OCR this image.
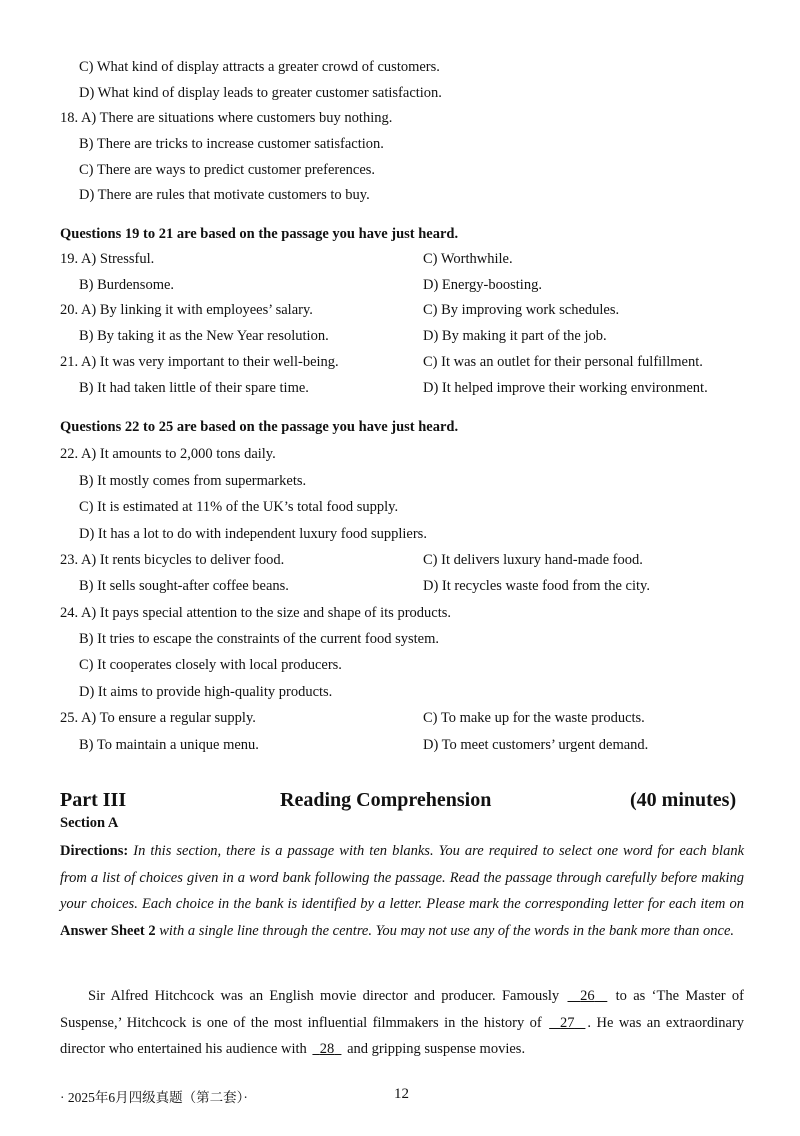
C) What kind of display attracts a greater crowd of customers.
D) What kind of display leads to greater customer satisfaction.
18. A) There are situations where customers buy nothing.
B) There are tricks to increase customer satisfaction.
C) There are ways to predict customer preferences.
D) There are rules that motivate customers to buy.
Questions 19 to 21 are based on the passage you have just heard.
19. A) Stressful.	C) Worthwhile.
B) Burdensome.	D) Energy-boosting.
20. A) By linking it with employees’ salary.	C) By improving work schedules.
B) By taking it as the New Year resolution.	D) By making it part of the job.
21. A) It was very important to their well-being.	C) It was an outlet for their personal fulfillment.
B) It had taken little of their spare time.	D) It helped improve their working environment.
Questions 22 to 25 are based on the passage you have just heard.
22. A) It amounts to 2,000 tons daily.
B) It mostly comes from supermarkets.
C) It is estimated at 11% of the UK’s total food supply.
D) It has a lot to do with independent luxury food suppliers.
23. A) It rents bicycles to deliver food.	C) It delivers luxury hand-made food.
B) It sells sought-after coffee beans.	D) It recycles waste food from the city.
24. A) It pays special attention to the size and shape of its products.
B) It tries to escape the constraints of the current food system.
C) It cooperates closely with local producers.
D) It aims to provide high-quality products.
25. A) To ensure a regular supply.	C) To make up for the waste products.
B) To maintain a unique menu.	D) To meet customers’ urgent demand.
Part III	Reading Comprehension	(40 minutes)
Section A
Directions: In this section, there is a passage with ten blanks. You are required to select one word for each blank from a list of choices given in a word bank following the passage. Read the passage through carefully before making your choices. Each choice in the bank is identified by a letter. Please mark the corresponding letter for each item on Answer Sheet 2 with a single line through the centre. You may not use any of the words in the bank more than once.
Sir Alfred Hitchcock was an English movie director and producer. Famously 26 to as ‘The Master of Suspense,’ Hitchcock is one of the most influential filmmakers in the history of 27 . He was an extraordinary director who entertained his audience with 28 and gripping suspense movies.
· 2025年6月四级真题（第二套）·	12
